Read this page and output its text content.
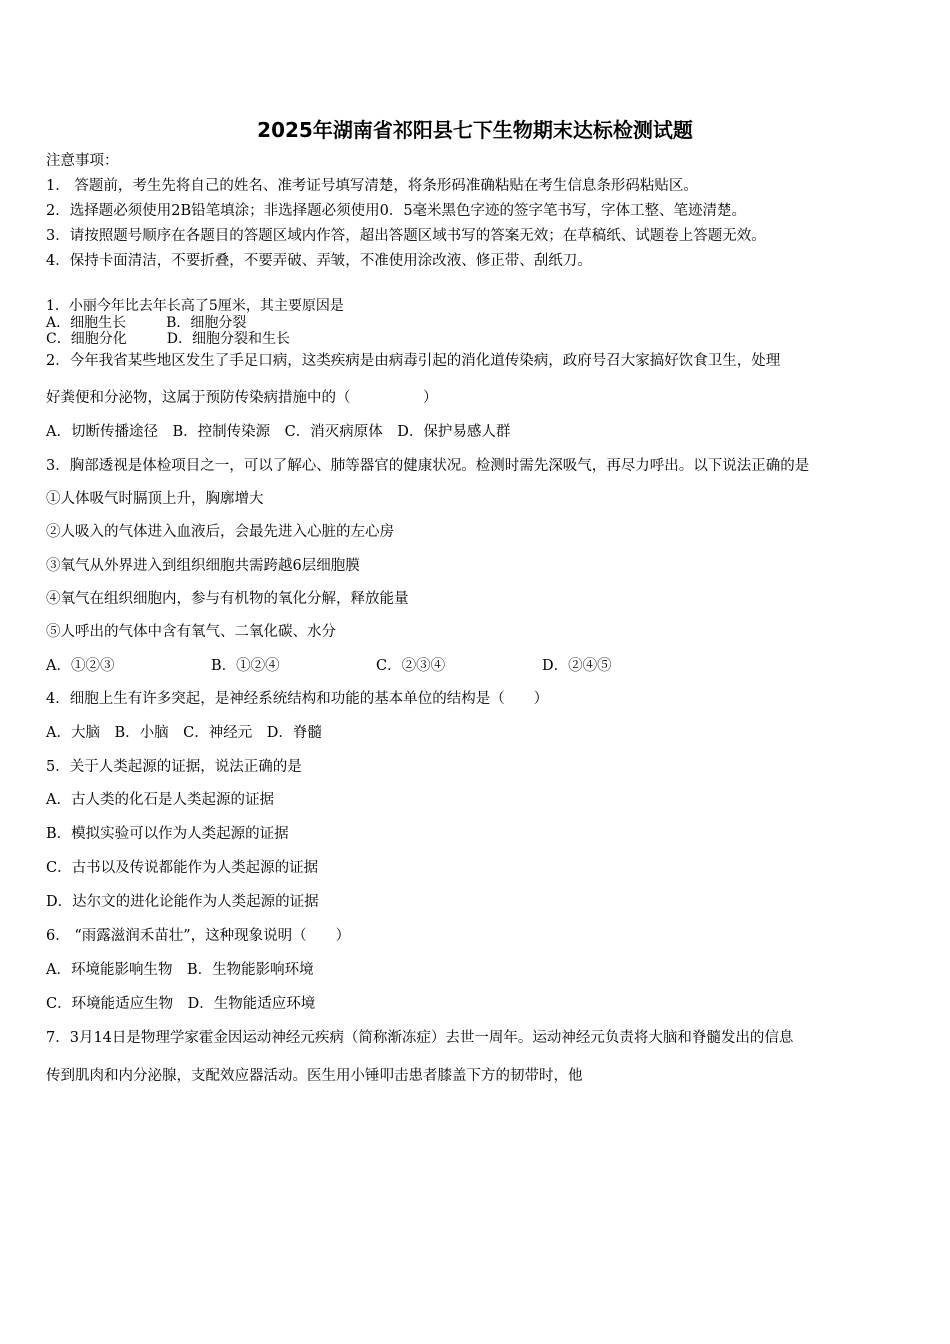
2025年湖南省祁阳县七下生物期末达标检测试题
注意事项：
1． 答题前，考生先将自己的姓名、准考证号填写清楚，将条形码准确粘贴在考生信息条形码粘贴区。
2．选择题必须使用2B铅笔填涂；非选择题必须使用0．5毫米黑色字迹的签字笔书写，字体工整、笔迹清楚。
3．请按照题号顺序在各题目的答题区域内作答，超出答题区域书写的答案无效；在草稿纸、试题卷上答题无效。
4．保持卡面清洁，不要折叠，不要弄破、弄皱，不准使用涂改液、修正带、刮纸刀。
1．小丽今年比去年长高了5厘米，其主要原因是
A．细胞生长	B．细胞分裂
C．细胞分化	D．细胞分裂和生长
2．今年我省某些地区发生了手足口病，这类疾病是由病毒引起的消化道传染病，政府号召大家搞好饮食卫生，处理
好粪便和分泌物，这属于预防传染病措施中的（　　　　　）
A．切断传播途径　B．控制传染源　C．消灭病原体　D．保护易感人群
3．胸部透视是体检项目之一，可以了解心、肺等器官的健康状况。检测时需先深吸气，再尽力呼出。以下说法正确的是
①人体吸气时膈顶上升，胸廓增大
②人吸入的气体进入血液后，会最先进入心脏的左心房
③氧气从外界进入到组织细胞共需跨越6层细胞膜
④氧气在组织细胞内，参与有机物的氧化分解，释放能量
⑤人呼出的气体中含有氧气、二氧化碳、水分
A．①②③	B．①②④	C．②③④	D．②④⑤
4．细胞上生有许多突起，是神经系统结构和功能的基本单位的结构是（　　）
A．大脑　B．小脑　C．神经元　D．脊髓
5．关于人类起源的证据，说法正确的是
A．古人类的化石是人类起源的证据
B．模拟实验可以作为人类起源的证据
C．古书以及传说都能作为人类起源的证据
D．达尔文的进化论能作为人类起源的证据
6． “雨露滋润禾苗壮”，这种现象说明（　　）
A．环境能影响生物　B．生物能影响环境
C．环境能适应生物　D．生物能适应环境
7．3月14日是物理学家霍金因运动神经元疾病（简称渐冻症）去世一周年。运动神经元负责将大脑和脊髓发出的信息
传到肌肉和内分泌腺，支配效应器活动。医生用小锤叩击患者膝盖下方的韧带时，他
